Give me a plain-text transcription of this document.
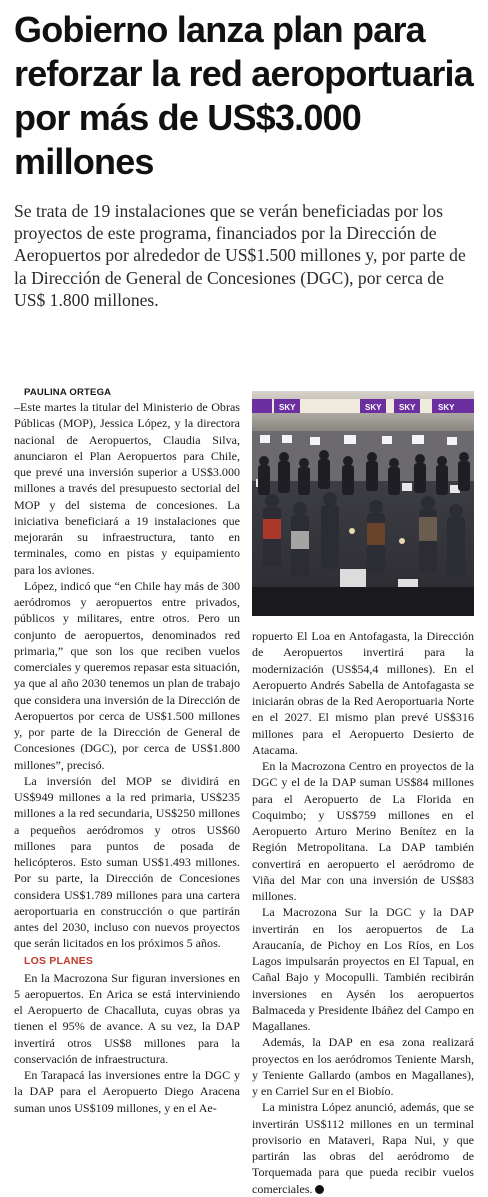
Gobierno lanza plan para reforzar la red aeroportuaria por más de US$3.000 millones

Se trata de 19 instalaciones que se verán beneficiadas por los proyectos de este programa, financiados por la Dirección de Aeropuertos por alrededor de US$1.500 millones y, por parte de la Dirección de General de Concesiones (DGC), por cerca de US$ 1.800 millones.

PAULINA ORTEGA

–Este martes la titular del Ministerio de Obras Públicas (MOP), Jessica López, y la directora nacional de Aeropuertos, Claudia Silva, anunciaron el Plan Aeropuertos para Chile, que prevé una inversión superior a US$3.000 millones a través del presupuesto sectorial del MOP y del sistema de concesiones. La iniciativa beneficiará a 19 instalaciones que mejorarán su infraestructura, tanto en terminales, como en pistas y equipamiento para los aviones.

López, indicó que “en Chile hay más de 300 aeródromos y aeropuertos entre privados, públicos y militares, entre otros. Pero un conjunto de aeropuertos, denominados red primaria,” que son los que reciben vuelos comerciales y queremos repasar esta situación, ya que al año 2030 tenemos un plan de trabajo que considera una inversión de la Dirección de Aeropuertos por cerca de US$1.500 millones y, por parte de la Dirección de General de Concesiones (DGC), por cerca de US$1.800 millones”, precisó.

La inversión del MOP se dividirá en US$949 millones a la red primaria, US$235 millones a la red secundaria, US$250 millones a pequeños aeródromos y otros US$60 millones para puntos de posada de helicópteros. Esto suman US$1.493 millones. Por su parte, la Dirección de Concesiones considera US$1.789 millones para una cartera aeroportuaria en construcción o que partirán antes del 2030, incluso con nuevos proyectos que serán licitados en los próximos 5 años.

LOS PLANES

En la Macrozona Sur figuran inversiones en 5 aeropuertos. En Arica se está interviniendo el Aeropuerto de Chacalluta, cuyas obras ya tienen el 95% de avance. A su vez, la DAP invertirá otros US$8 millones para la conservación de infraestructura.

En Tarapacá las inversiones entre la DGC y la DAP para el Aeropuerto Diego Aracena suman unos US$109 millones, y en el Ae-

SKY	SKY SKY	SKY

ropuerto El Loa en Antofagasta, la Dirección de Aeropuertos invertirá para la modernización (US$54,4 millones). En el Aeropuerto Andrés Sabella de Antofagasta se iniciarán obras de la Red Aeroportuaria Norte en el 2027. El mismo plan prevé US$316 millones para el Aeropuerto Desierto de Atacama.

En la Macrozona Centro en proyectos de la DGC y el de la DAP suman US$84 millones para el Aeropuerto de La Florida en Coquimbo; y US$759 millones en el Aeropuerto Arturo Merino Benítez en la Región Metropolitana. La DAP también convertirá en aeropuerto el aeródromo de Viña del Mar con una inversión de US$83 millones.

La Macrozona Sur la DGC y la DAP invertirán en los aeropuertos de La Araucanía, de Pichoy en Los Ríos, en Los Lagos impulsarán proyectos en El Tapual, en Cañal Bajo y Mocopulli. También recibirán inversiones en Aysén los aeropuertos Balmaceda y Presidente Ibáñez del Campo en Magallanes.

Además, la DAP en esa zona realizará proyectos en los aeródromos Teniente Marsh, y Teniente Gallardo (ambos en Magallanes), y en Carriel Sur en el Biobío.

La ministra López anunció, además, que se invertirán US$112 millones en un terminal provisorio en Mataveri, Rapa Nui, y que partirán las obras del aeródromo de Torquemada para que pueda recibir vuelos comerciales.
